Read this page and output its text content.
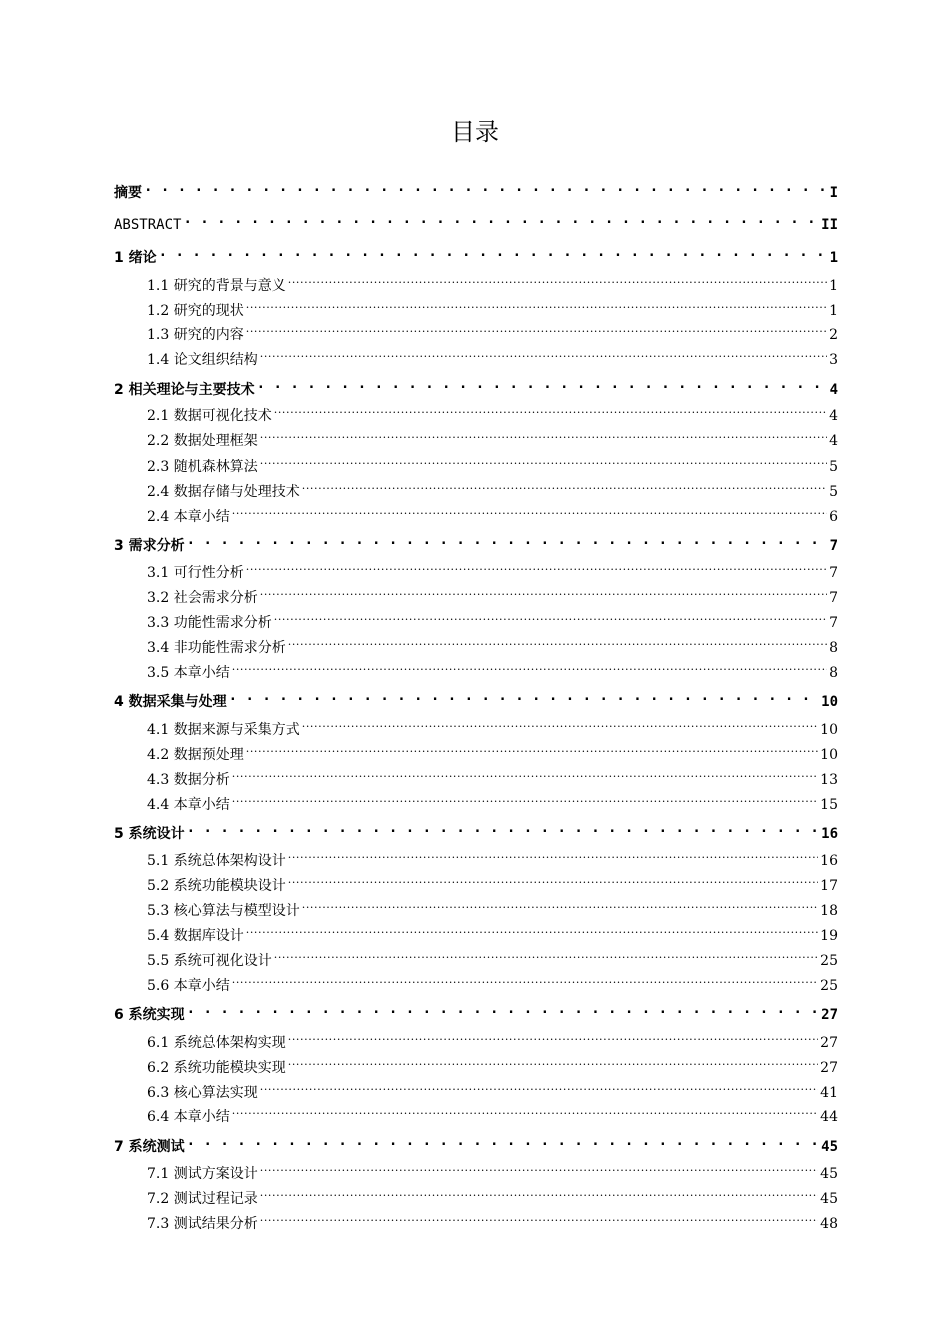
目录
摘要 . . .	I
ABSTRACT . . .	II
1 绪论 . . .	1
1.1 研究的背景与意义 .....	1
1.2 研究的现状 .....	1
1.3 研究的内容 .....	2
1.4 论文组织结构 .....	3
2 相关理论与主要技术 . . .	4
2.1 数据可视化技术 .....	4
2.2 数据处理框架 .....	4
2.3 随机森林算法 .....	5
2.4 数据存储与处理技术 .....	5
2.4 本章小结 .....	6
3 需求分析 . . .	7
3.1 可行性分析 .....	7
3.2 社会需求分析 .....	7
3.3 功能性需求分析 .....	7
3.4 非功能性需求分析 .....	8
3.5 本章小结 .....	8
4 数据采集与处理 . . .	10
4.1 数据来源与采集方式 .....	10
4.2 数据预处理 .....	10
4.3 数据分析 .....	13
4.4 本章小结 .....	15
5 系统设计 . . .	16
5.1 系统总体架构设计 .....	16
5.2 系统功能模块设计 .....	17
5.3 核心算法与模型设计 .....	18
5.4 数据库设计 .....	19
5.5 系统可视化设计 .....	25
5.6 本章小结 .....	25
6 系统实现 . . .	27
6.1 系统总体架构实现 .....	27
6.2 系统功能模块实现 .....	27
6.3 核心算法实现 .....	41
6.4 本章小结 .....	44
7 系统测试 . . .	45
7.1 测试方案设计 .....	45
7.2 测试过程记录 .....	45
7.3 测试结果分析 .....	48
